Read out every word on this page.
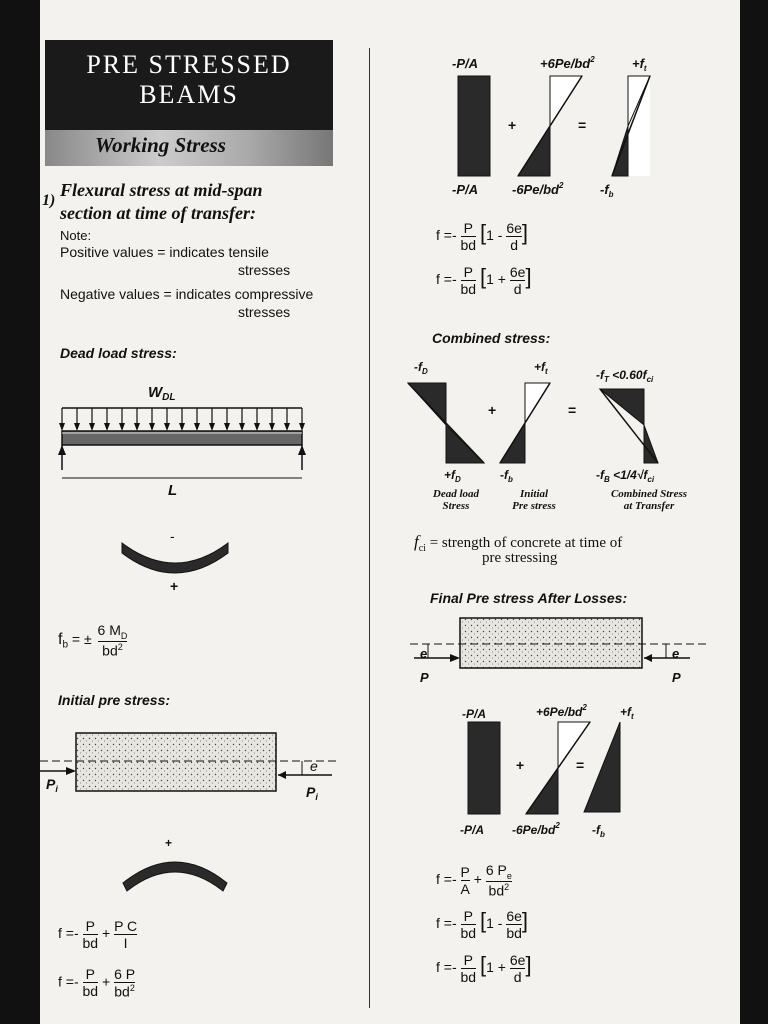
PRE STRESSED
BEAMS
Working Stress
1)
Flexural stress at mid-span
section at time of transfer:
Note:
Positive values = indicates tensile
stresses
Negative values = indicates compressive
stresses
Dead load stress:
$W_{DL}$
L
-
+
$f_b$ = ± $\frac{6 M_D}{bd^2}$
Initial pre stress:
$P_i$
e
$P_i$
+
$f =- \frac{P}{bd} + \frac{\text{P C}}{I}$
$f =- \frac{P}{bd} + \frac{6 P}{bd^2}$
-P/A	$+6Pe/bd^2$	$+f_t$
+	=
-P/A	$-6Pe/bd^2$	$-f_b$
$f =- \frac{P}{bd} [1 - \frac{6e}{d}$ ]
$f =- \frac{P}{bd} [1 + \frac{6e}{d}$ ]
Combined stress:
$-f_D$	$+f_t$	$-f_T <0.60f_{ci}$
+	=
$+f_D$	$-f_b$	$-f_B <1/4√f_{ci}$
Dead load
Stress
Initial
Pre stress
Combined Stress
at Transfer
$f_{ci}$ = strength of concrete at time of
pre stressing
Final Pre stress After Losses:
e
P
e
P
-P/A	$+6Pe/bd^2$	$+f_t$
+	=
-P/A $-6Pe/bd^2$	$-f_b$
$f =- \frac{P}{A} + \frac{6 P_e}{bd^2}$
$f =- \frac{P}{bd} [1 - \frac{6e}{bd}$ ]
$f =- \frac{P}{bd} [1 + \frac{6e}{d}$ ]
